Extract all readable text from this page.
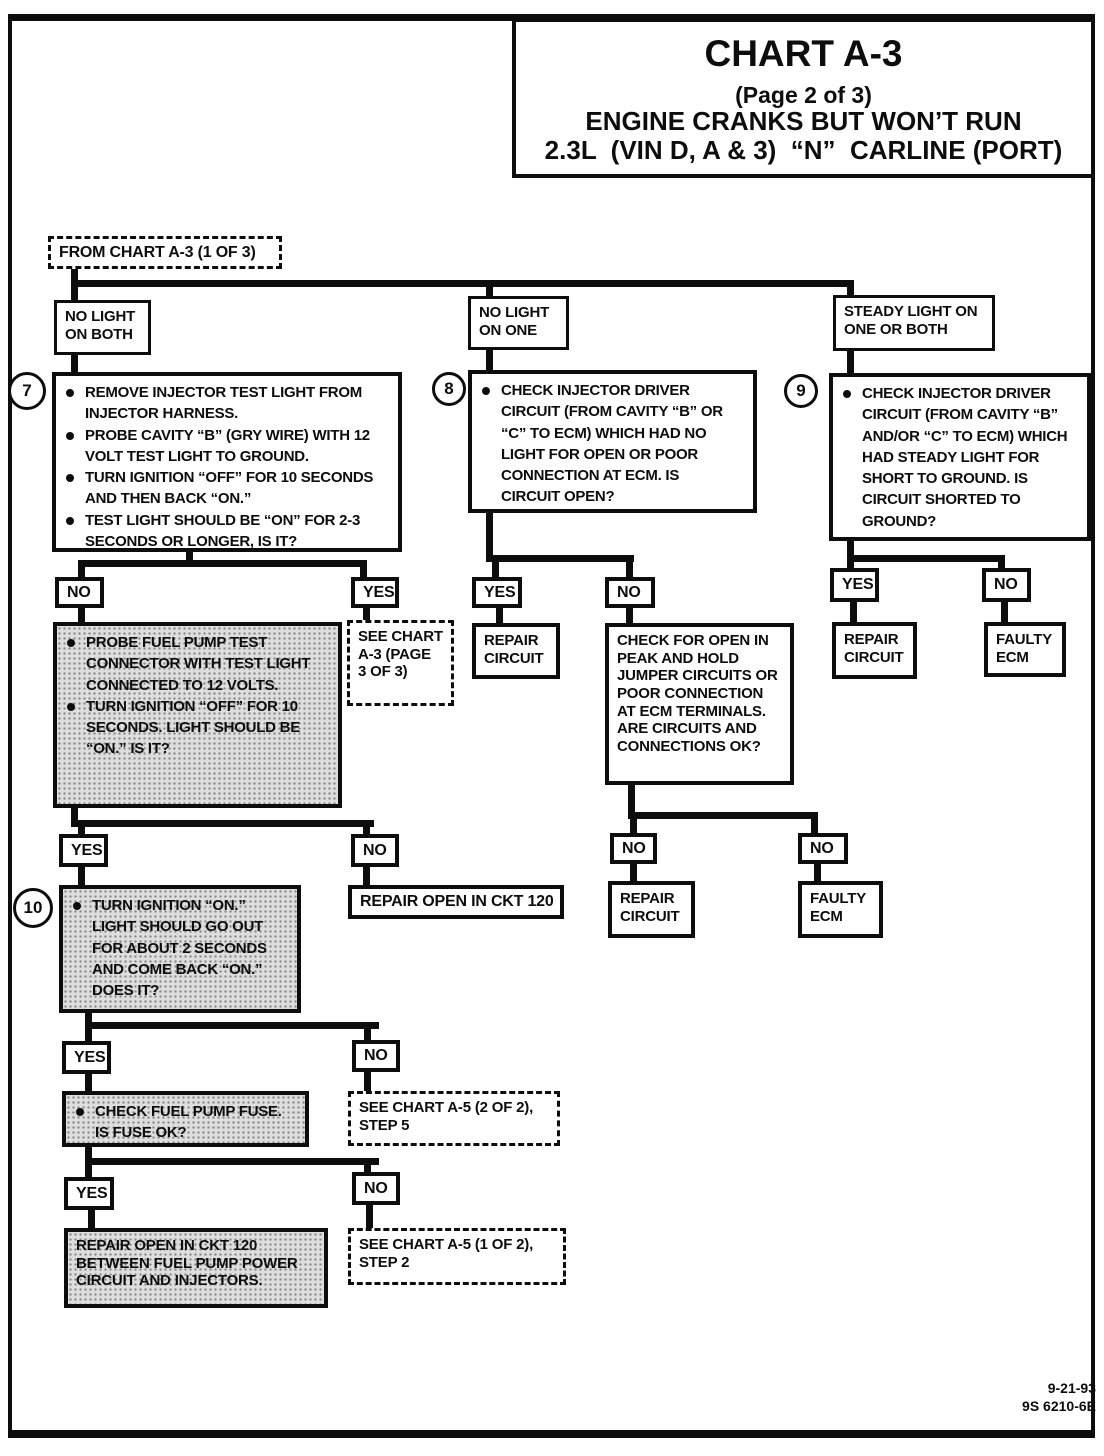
CHART A-3
(Page 2 of 3)
ENGINE CRANKS BUT WON’T RUN
2.3L  (VIN D, A & 3)  “N”  CARLINE (PORT)
FROM CHART A-3 (1 OF 3)
NO LIGHT ON BOTH
NO LIGHT ON ONE
STEADY LIGHT ON ONE OR BOTH
7	REMOVE INJECTOR TEST LIGHT FROM INJECTOR HARNESS.
PROBE CAVITY “B” (GRY WIRE) WITH 12 VOLT TEST LIGHT TO GROUND.
TURN IGNITION “OFF” FOR 10 SECONDS AND THEN BACK “ON.”
TEST LIGHT SHOULD BE “ON” FOR 2-3 SECONDS OR LONGER, IS IT?
8	CHECK INJECTOR DRIVER CIRCUIT (FROM CAVITY “B” OR “C” TO ECM) WHICH HAD NO LIGHT FOR OPEN OR POOR CONNECTION AT ECM. IS CIRCUIT OPEN?
9	CHECK INJECTOR DRIVER CIRCUIT (FROM CAVITY “B” AND/OR “C” TO ECM) WHICH HAD STEADY LIGHT FOR SHORT TO GROUND. IS CIRCUIT SHORTED TO GROUND?
NO	YES
PROBE FUEL PUMP TEST CONNECTOR WITH TEST LIGHT CONNECTED TO 12 VOLTS.
TURN IGNITION “OFF” FOR 10 SECONDS. LIGHT SHOULD BE “ON.” IS IT?
SEE CHART A-3 (PAGE 3 OF 3)
YES	NO
REPAIR OPEN IN CKT 120
10	TURN IGNITION “ON.” LIGHT SHOULD GO OUT FOR ABOUT 2 SECONDS AND COME BACK “ON.” DOES IT?
YES	NO
CHECK FUEL PUMP FUSE. IS FUSE OK?
SEE CHART A-5 (2 OF 2), STEP 5
YES	NO
REPAIR OPEN IN CKT 120 BETWEEN FUEL PUMP POWER CIRCUIT AND INJECTORS.
SEE CHART A-5 (1 OF 2), STEP 2
YES	NO
REPAIR CIRCUIT
CHECK FOR OPEN IN PEAK AND HOLD JUMPER CIRCUITS OR POOR CONNECTION AT ECM TERMINALS. ARE CIRCUITS AND CONNECTIONS OK?
NO	NO
REPAIR CIRCUIT
FAULTY ECM
YES	NO
REPAIR CIRCUIT
FAULTY ECM
9-21-93
9S 6210-6E
